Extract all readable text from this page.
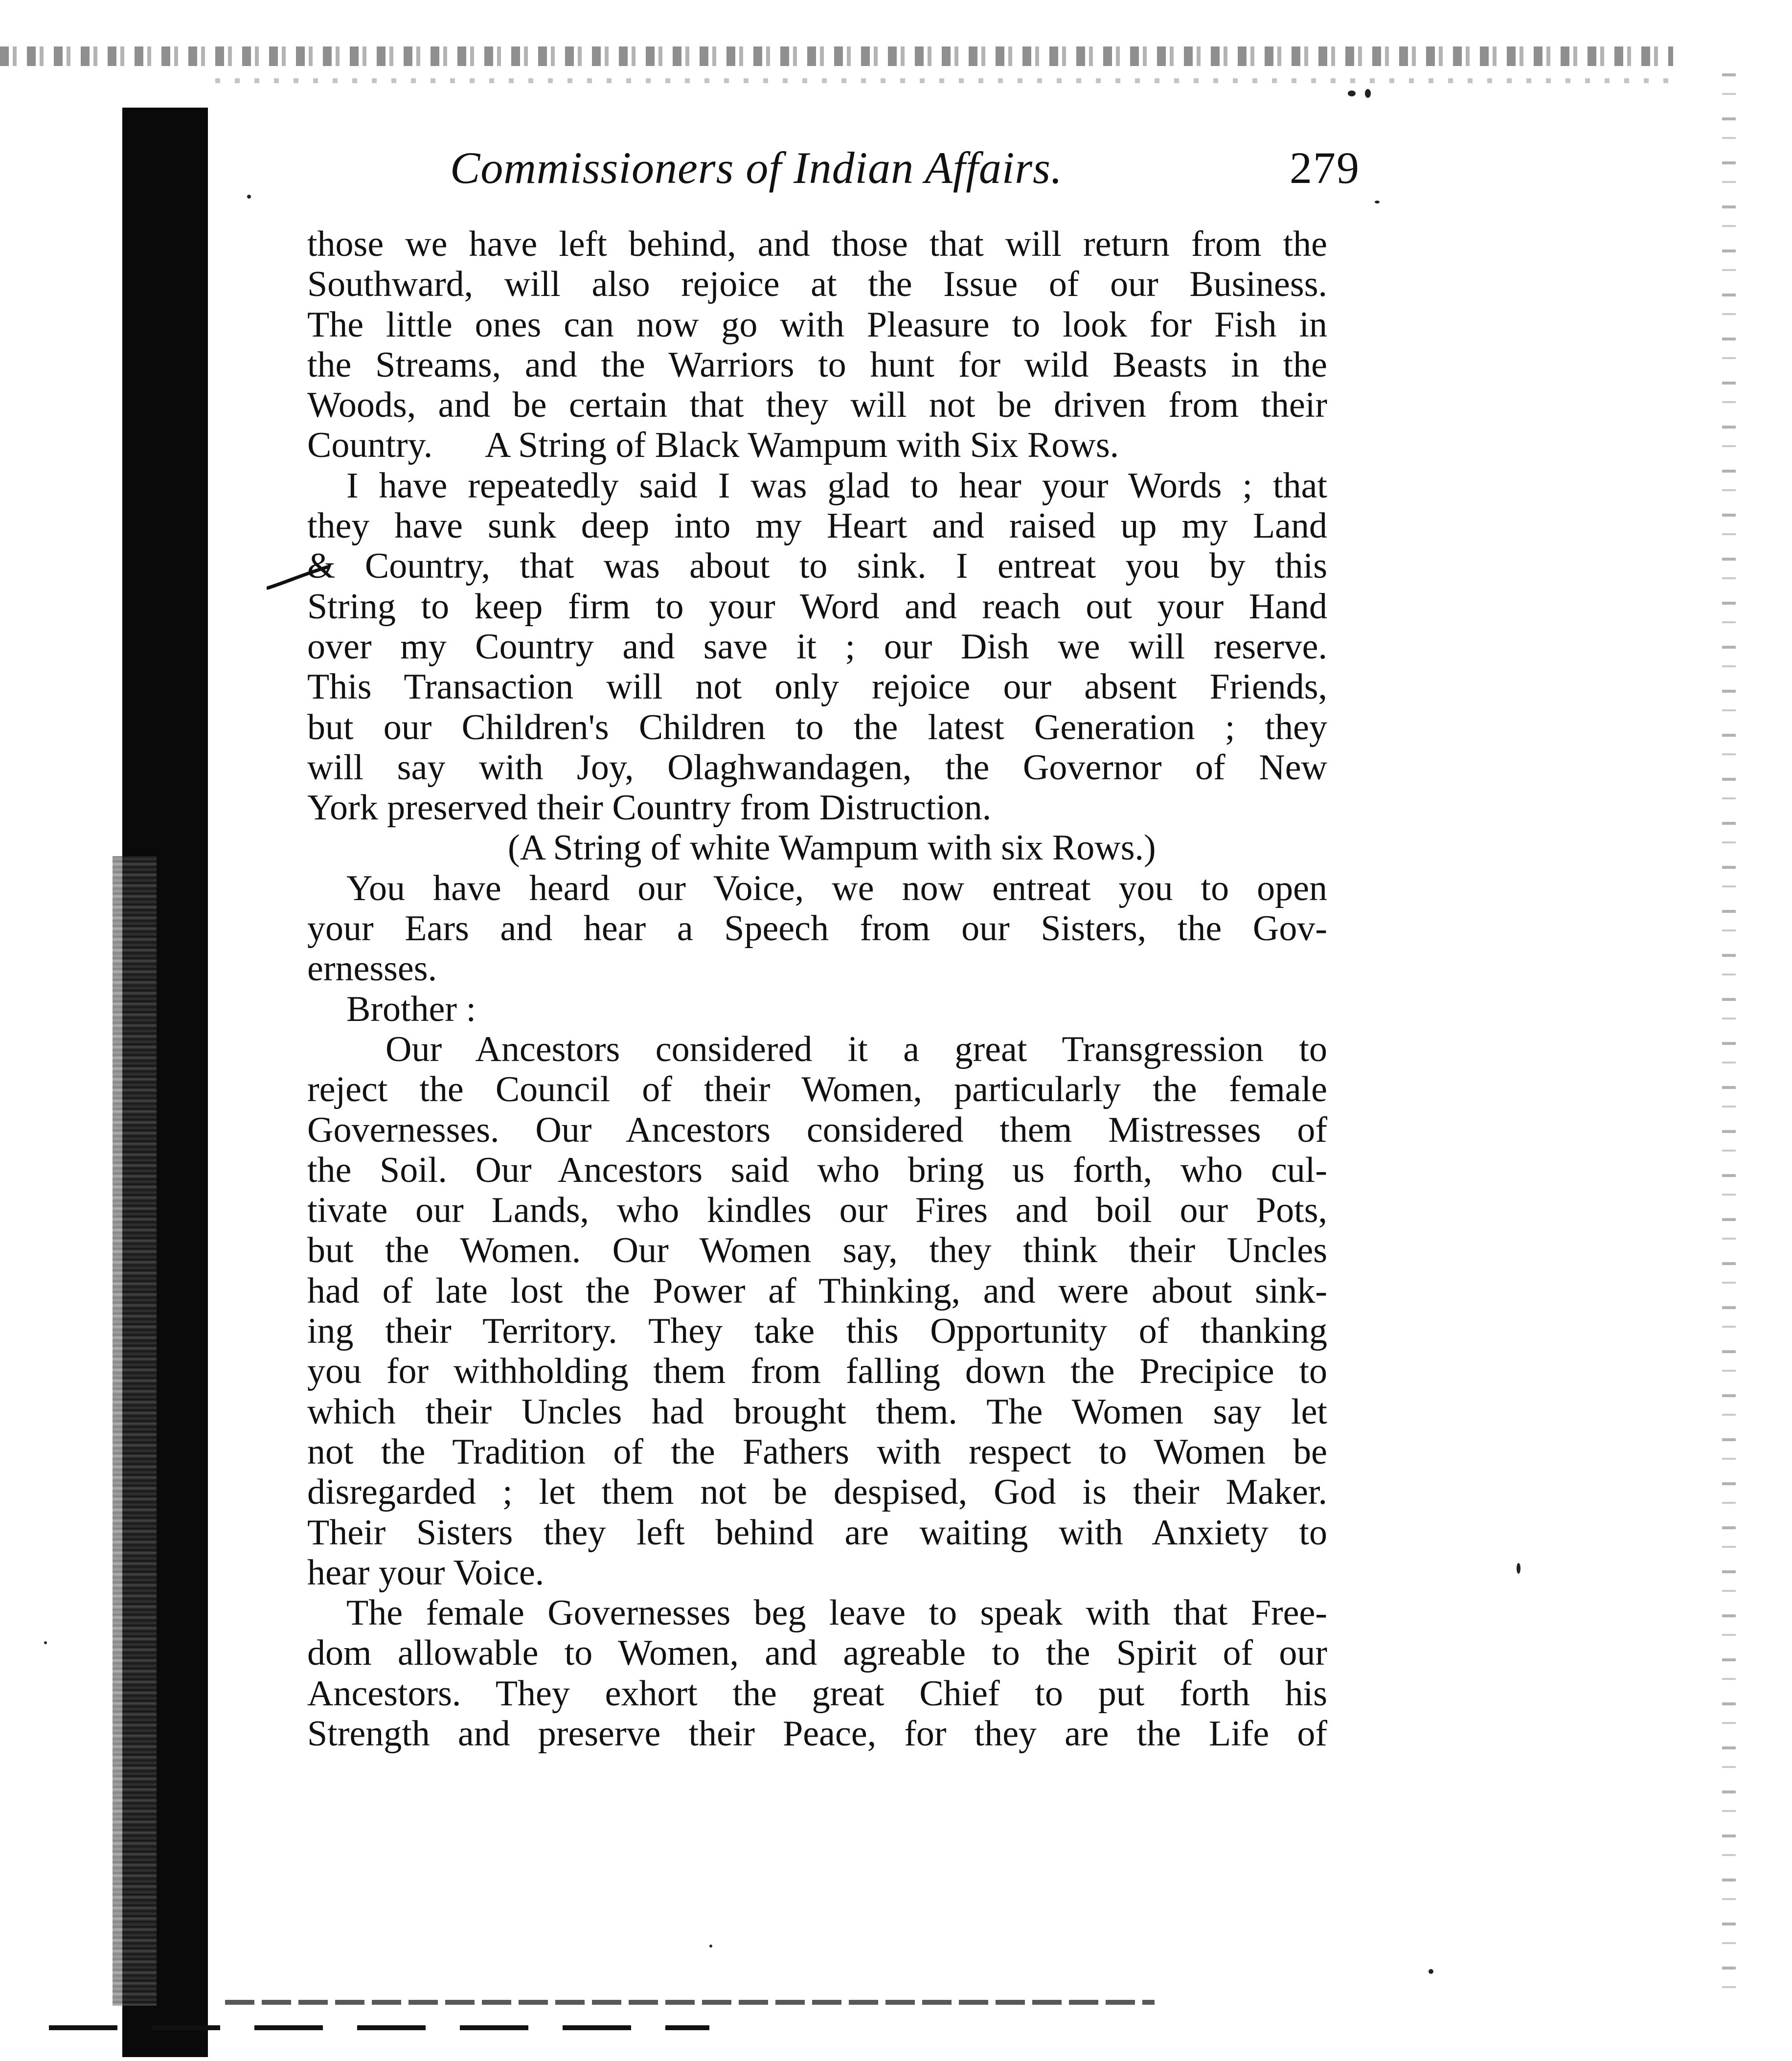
Commissioners of Indian Affairs.	279
those we have left behind, and those that will return from the
Southward, will also rejoice at the Issue of our Business.
The little ones can now go with Pleasure to look for Fish in
the Streams, and the Warriors to hunt for wild Beasts in the
Woods, and be certain that they will not be driven from their
Country.      A String of Black Wampum with Six Rows.
I have repeatedly said I was glad to hear your Words ; that
they have sunk deep into my Heart and raised up my Land
& Country, that was about to sink. I entreat you by this
String to keep firm to your Word and reach out your Hand
over my Country and save it ; our Dish we will reserve.
This Transaction will not only rejoice our absent Friends,
but our Children's Children to the latest Generation ; they
will say with Joy, Olaghwandagen, the Governor of New
York preserved their Country from Distruction.
(A String of white Wampum with six Rows.)
You have heard our Voice, we now entreat you to open
your Ears and hear a Speech from our Sisters, the Gov-
ernesses.
Brother :
Our Ancestors considered it a great Transgression to
reject the Council of their Women, particularly the female
Governesses. Our Ancestors considered them Mistresses of
the Soil. Our Ancestors said who bring us forth, who cul-
tivate our Lands, who kindles our Fires and boil our Pots,
but the Women. Our Women say, they think their Uncles
had of late lost the Power af Thinking, and were about sink-
ing their Territory. They take this Opportunity of thanking
you for withholding them from falling down the Precipice to
which their Uncles had brought them. The Women say let
not the Tradition of the Fathers with respect to Women be
disregarded ; let them not be despised, God is their Maker.
Their Sisters they left behind are waiting with Anxiety to
hear your Voice.
The female Governesses beg leave to speak with that Free-
dom allowable to Women, and agreable to the Spirit of our
Ancestors. They exhort the great Chief to put forth his
Strength and preserve their Peace, for they are the Life of
